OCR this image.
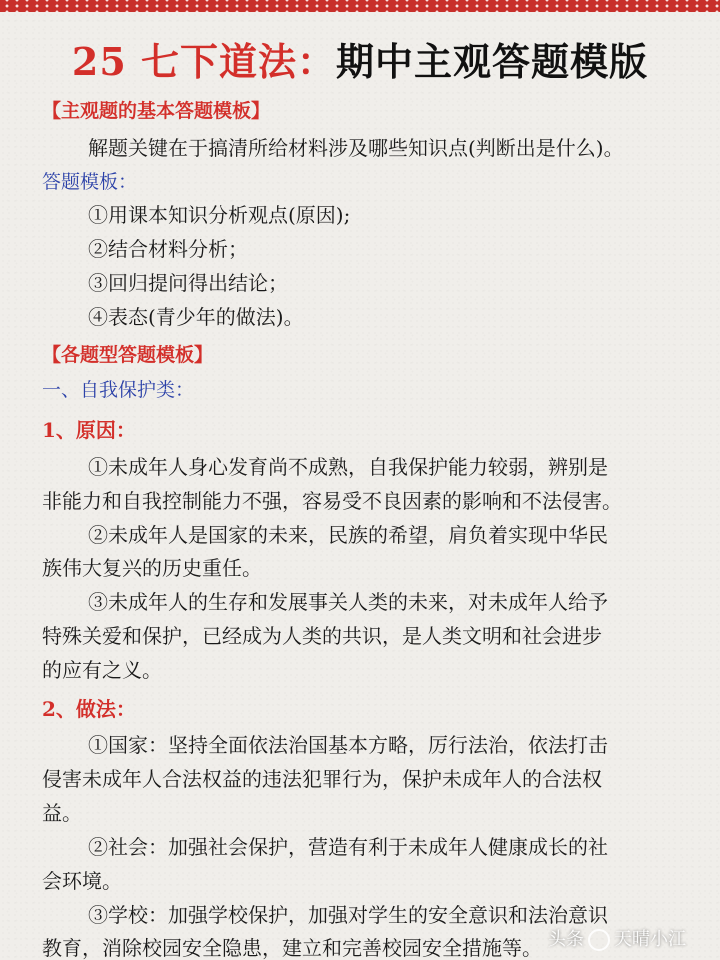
25 七下道法：期中主观答题模版
【主观题的基本答题模板】
解题关键在于搞清所给材料涉及哪些知识点(判断出是什么)。
答题模板：
①用课本知识分析观点(原因);
②结合材料分析；
③回归提问得出结论；
④表态(青少年的做法)。
【各题型答题模板】
一、自我保护类：
1、原因：
①未成年人身心发育尚不成熟，自我保护能力较弱，辨别是
非能力和自我控制能力不强，容易受不良因素的影响和不法侵害。
②未成年人是国家的未来，民族的希望，肩负着实现中华民
族伟大复兴的历史重任。
③未成年人的生存和发展事关人类的未来，对未成年人给予
特殊关爱和保护，已经成为人类的共识，是人类文明和社会进步
的应有之义。
2、做法：
①国家：坚持全面依法治国基本方略，厉行法治，依法打击
侵害未成年人合法权益的违法犯罪行为，保护未成年人的合法权
益。
②社会：加强社会保护，营造有利于未成年人健康成长的社
会环境。
③学校：加强学校保护，加强对学生的安全意识和法治意识
教育，消除校园安全隐患，建立和完善校园安全措施等。 头条 天晴小江
